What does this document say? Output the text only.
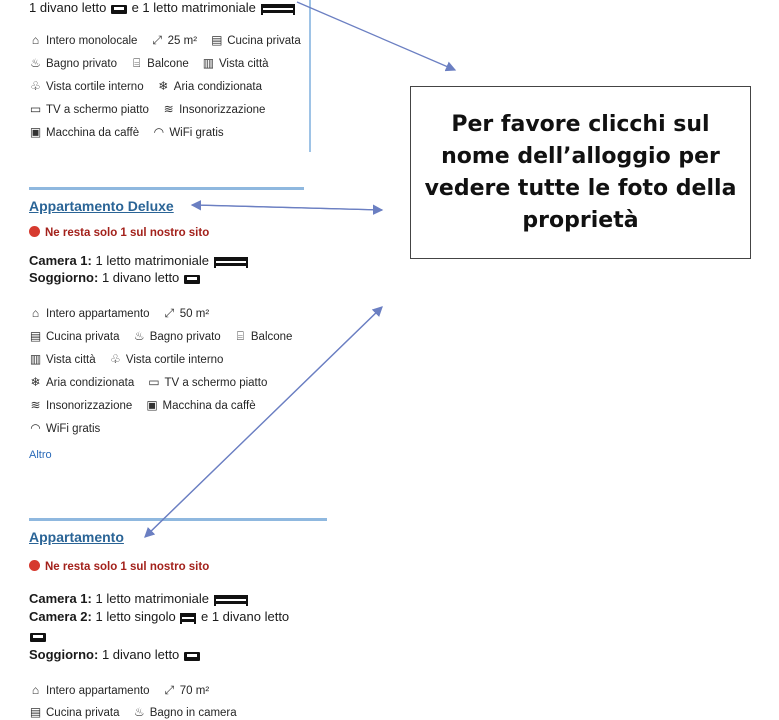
1 divano letto e 1 letto matrimoniale
⌂ Intero monolocale ⤢ 25 m² ▤ Cucina privata
♨ Bagno privato ⌸ Balcone ▥ Vista città
♧ Vista cortile interno ❄ Aria condizionata
▭ TV a schermo piatto ≋ Insonorizzazione
▣ Macchina da caffè ◠ WiFi gratis	Per favore clicchi sul nome dell’alloggio per vedere tutte le foto della proprietà
Appartamento Deluxe
Ne resta solo 1 sul nostro sito
Camera 1: 1 letto matrimoniale
Soggiorno: 1 divano letto
⌂ Intero appartamento ⤢ 50 m²
▤ Cucina privata ♨ Bagno privato ⌸ Balcone
▥ Vista città ♧ Vista cortile interno
❄ Aria condizionata ▭ TV a schermo piatto
≋ Insonorizzazione ▣ Macchina da caffè
◠ WiFi gratis
Altro
Appartamento
Ne resta solo 1 sul nostro sito
Camera 1: 1 letto matrimoniale
Camera 2: 1 letto singolo e 1 divano letto
Soggiorno: 1 divano letto
⌂ Intero appartamento ⤢ 70 m²
▤ Cucina privata ♨ Bagno in camera
